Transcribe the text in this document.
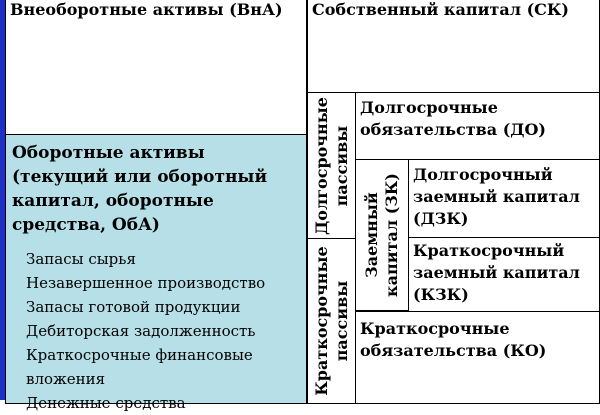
Внеоборотные активы (ВнА)
Оборотные активы (текущий или оборотный капитал, оборотные средства, ОбА)
Запасы сырья
Незавершенное производство
Запасы готовой продукции
Дебиторская задолженность
Краткосрочные финансовые вложения
Денежные средства
Собственный капитал (СК)
Долгосрочные пассивы
Краткосрочные пассивы
Долгосрочные обязательства (ДО)
Заемный капитал (ЗК) Долгосрочный заемный капитал (ДЗК)
Краткосрочный заемный капитал (КЗК)
Краткосрочные обязательства (КО)
